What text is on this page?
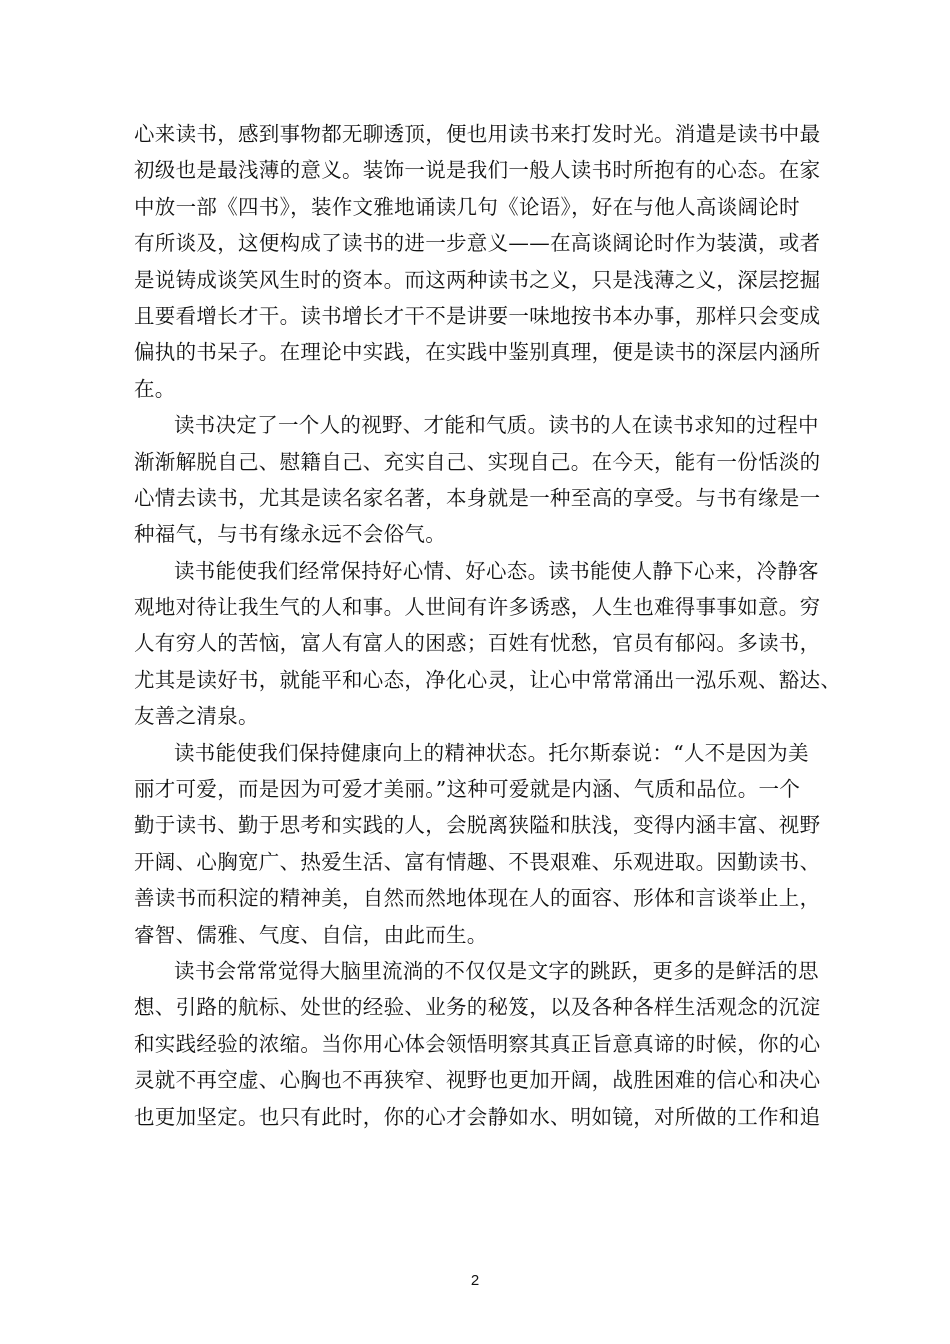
心来读书，感到事物都无聊透顶，便也用读书来打发时光。消遣是读书中最
初级也是最浅薄的意义。装饰一说是我们一般人读书时所抱有的心态。在家
中放一部《四书》，装作文雅地诵读几句《论语》，好在与他人高谈阔论时
有所谈及，这便构成了读书的进一步意义——在高谈阔论时作为装潢，或者
是说铸成谈笑风生时的资本。而这两种读书之义，只是浅薄之义，深层挖掘
且要看增长才干。读书增长才干不是讲要一味地按书本办事，那样只会变成
偏执的书呆子。在理论中实践，在实践中鉴别真理，便是读书的深层内涵所
在。
读书决定了一个人的视野、才能和气质。读书的人在读书求知的过程中
渐渐解脱自己、慰籍自己、充实自己、实现自己。在今天，能有一份恬淡的
心情去读书，尤其是读名家名著，本身就是一种至高的享受。与书有缘是一
种福气，与书有缘永远不会俗气。
读书能使我们经常保持好心情、好心态。读书能使人静下心来，冷静客
观地对待让我生气的人和事。人世间有许多诱惑，人生也难得事事如意。穷
人有穷人的苦恼，富人有富人的困惑；百姓有忧愁，官员有郁闷。多读书，
尤其是读好书，就能平和心态，净化心灵，让心中常常涌出一泓乐观、豁达、
友善之清泉。
读书能使我们保持健康向上的精神状态。托尔斯泰说：“人不是因为美
丽才可爱，而是因为可爱才美丽。”这种可爱就是内涵、气质和品位。一个
勤于读书、勤于思考和实践的人，会脱离狭隘和肤浅，变得内涵丰富、视野
开阔、心胸宽广、热爱生活、富有情趣、不畏艰难、乐观进取。因勤读书、
善读书而积淀的精神美，自然而然地体现在人的面容、形体和言谈举止上，
睿智、儒雅、气度、自信，由此而生。
读书会常常觉得大脑里流淌的不仅仅是文字的跳跃，更多的是鲜活的思
想、引路的航标、处世的经验、业务的秘笈，以及各种各样生活观念的沉淀
和实践经验的浓缩。当你用心体会领悟明察其真正旨意真谛的时候，你的心
灵就不再空虚、心胸也不再狭窄、视野也更加开阔，战胜困难的信心和决心
也更加坚定。也只有此时，你的心才会静如水、明如镜，对所做的工作和追
2
